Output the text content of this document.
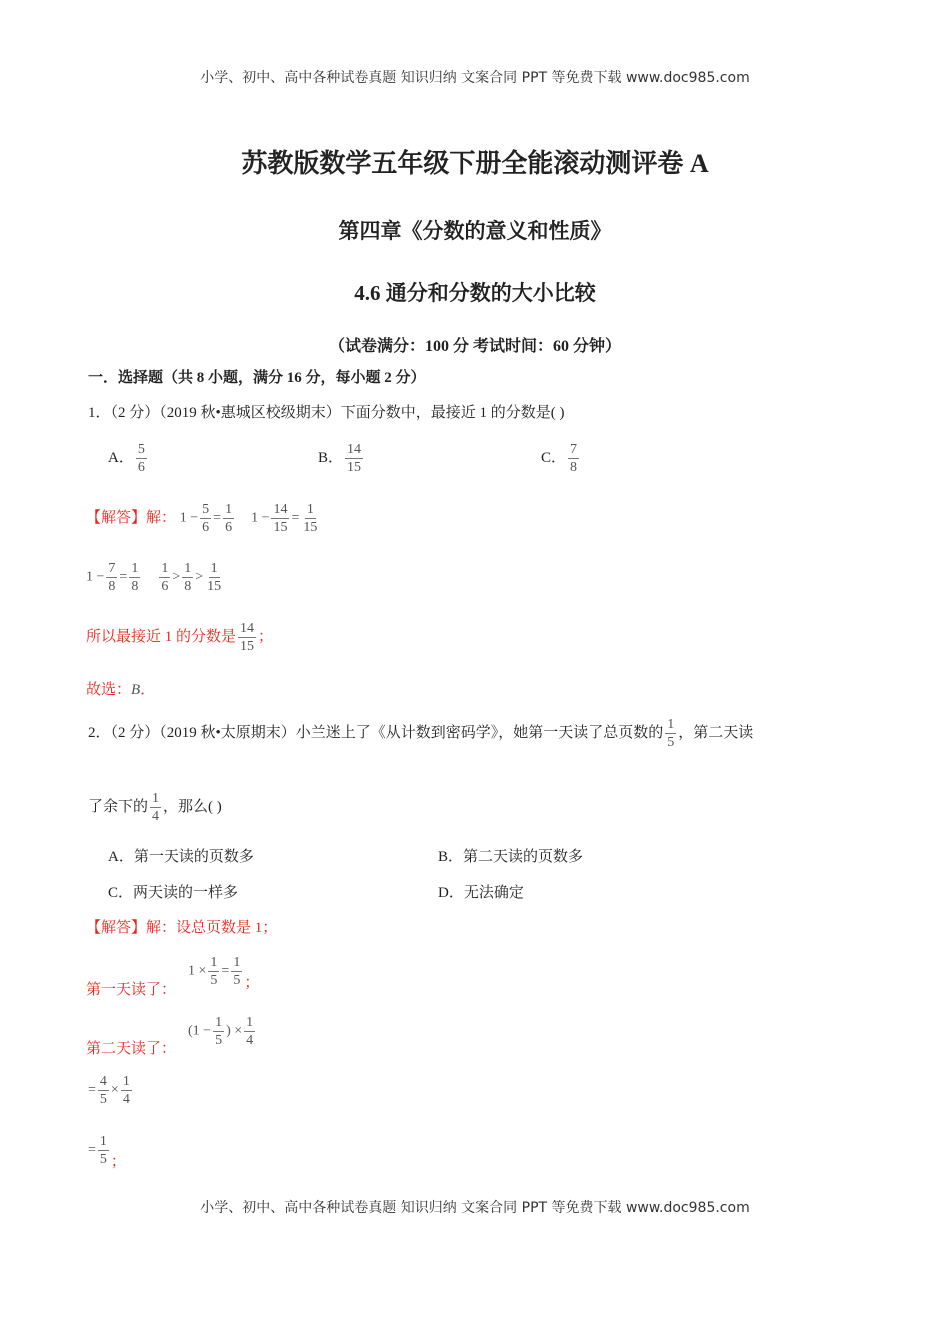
小学、初中、高中各种试卷真题 知识归纳 文案合同 PPT 等免费下载 www.doc985.com
苏教版数学五年级下册全能滚动测评卷 A
第四章《分数的意义和性质》
4.6 通分和分数的大小比较
（试卷满分：100 分 考试时间：60 分钟）
一．选择题（共 8 小题，满分 16 分，每小题 2 分）
1．（2 分）（2019 秋•惠城区校级期末）下面分数中，最接近 1 的分数是( )
A． $\frac{5}{6}$	B． $\frac{14}{15}$	C． $\frac{7}{8}$
【解答】解： $1 - \frac{5}{6} = \frac{1}{6} 1 - \frac{14}{15} = \frac{1}{15}$
$1 - \frac{7}{8} = \frac{1}{8}$
$\frac{1}{6} > \frac{1}{8} > \frac{1}{15}$
所以最接近 1 的分数是 $\frac{14}{15}$ ；
故选：B．
2．（2 分）（2019 秋•太原期末）小兰迷上了《从计数到密码学》，她第一天读了总页数的 $\frac{1}{5}$ ，第二天读
了余下的 $\frac{1}{4}$ ，那么( )
A．第一天读的页数多	B．第二天读的页数多
C．两天读的一样多	D．无法确定
【解答】解：设总页数是 1；
第一天读了：
$1 \times \frac{1}{5} = \frac{1}{5}$ ；
第二天读了：
($1 - \frac{1}{5}$ ) × $\frac{1}{4}$
= $\frac{4}{5} \times \frac{1}{4}$
= $\frac{1}{5}$ ；
小学、初中、高中各种试卷真题 知识归纳 文案合同 PPT 等免费下载 www.doc985.com
